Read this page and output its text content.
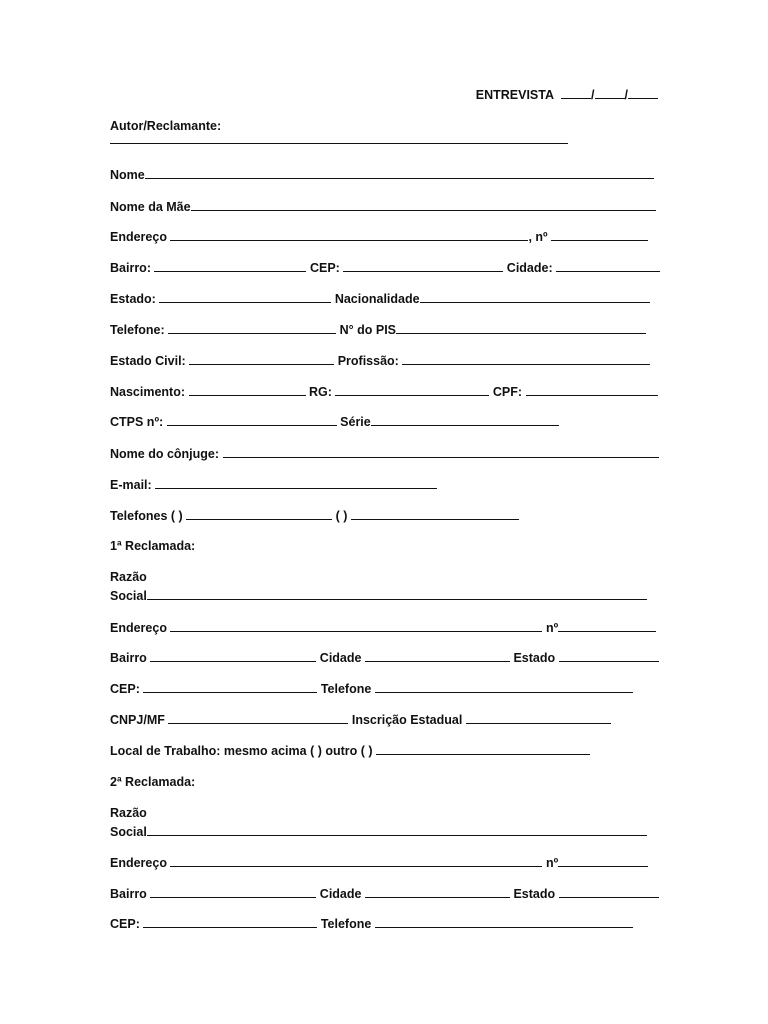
ENTREVISTA	/ /
Autor/Reclamante:
Nome
Nome da Mãe
Endereço	, nº
Bairro:	CEP:	Cidade:
Estado:	Nacionalidade
Telefone:	N° do PIS
Estado Civil:	Profissão:
Nascimento:	RG:	CPF:
CTPS nº:	Série
Nome do cônjuge:
E-mail:
Telefones ( )	( )
1ª Reclamada:
Razão
Social
Endereço	nº
Bairro	Cidade	Estado
CEP:	Telefone
CNPJ/MF	Inscrição Estadual
Local de Trabalho: mesmo acima ( ) outro ( )
2ª Reclamada:
Razão
Social
Endereço	nº
Bairro	Cidade	Estado
CEP:	Telefone
